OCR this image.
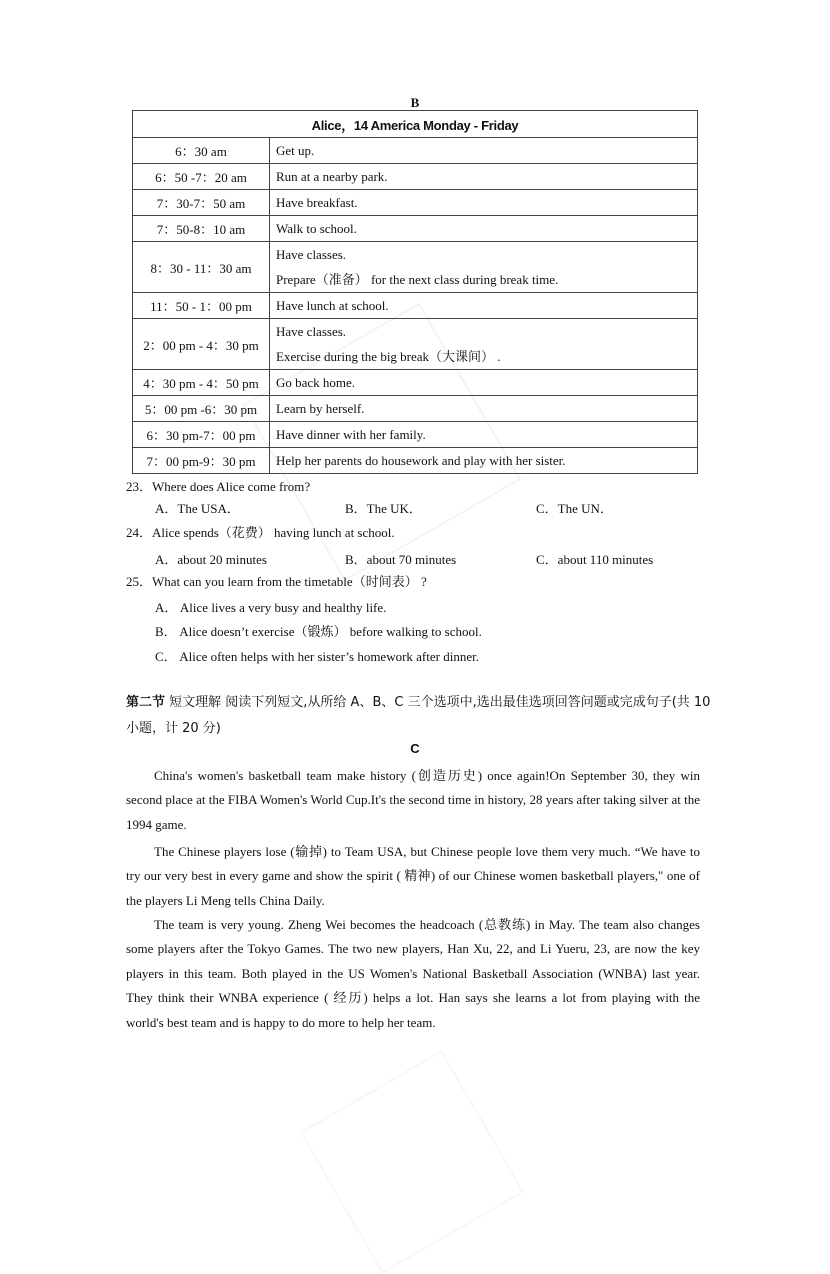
B
Alice，14 America Monday - Friday	
6：30 am	Get up.

6：50 -7：20 am	Run at a nearby park.

7：30-7：50 am	Have breakfast.

7：50-8：10 am	Walk to school.

8：30 - 11：30 am	Have classes.
Prepare（准备） for the next class during break time.

11：50 - 1：00 pm	Have lunch at school.

2：00 pm - 4：30 pm	Have classes.
Exercise during the big break（大课间） .

4：30 pm - 4：50 pm	Go back home.

5：00 pm -6：30 pm	Learn by herself.

6：30 pm-7：00 pm	Have dinner with her family.

7：00 pm-9：30 pm	Help her parents do housework and play with her sister.
23．Where does Alice come from?
A．The USA．	B．The UK．	C．The UN．
24．Alice spends（花费） having lunch at school.
A．about 20 minutes	B．about 70 minutes	C．about 110 minutes
25．What can you learn from the timetable（时间表） ?
A． Alice lives a very busy and healthy life.
B． Alice doesn’t exercise（锻炼） before walking to school.
C． Alice often helps with her sister’s homework after dinner.
第二节 短文理解 阅读下列短文,从所给 A、B、C 三个选项中,选出最佳选项回答问题或完成句子(共 10 小题，计 20 分)
C
China's women's basketball team make history (创造历史) once again!On September 30, they win second place at the FIBA Women's World Cup.It's the second time in history, 28 years after taking silver at the 1994 game.
The Chinese players lose (输掉) to Team USA, but Chinese people love them very much. “We have to try our very best in every game and show the spirit ( 精神) of our Chinese women basketball players," one of the players Li Meng tells China Daily.
The team is very young. Zheng Wei becomes the headcoach (总教练) in May. The team also changes some players after the Tokyo Games. The two new players, Han Xu, 22, and Li Yueru, 23, are now the key players in this team. Both played in the US Women's National Basketball Association (WNBA) last year. They think their WNBA experience ( 经历) helps a lot. Han says she learns a lot from playing with the world's best team and is happy to do more to help her team.
